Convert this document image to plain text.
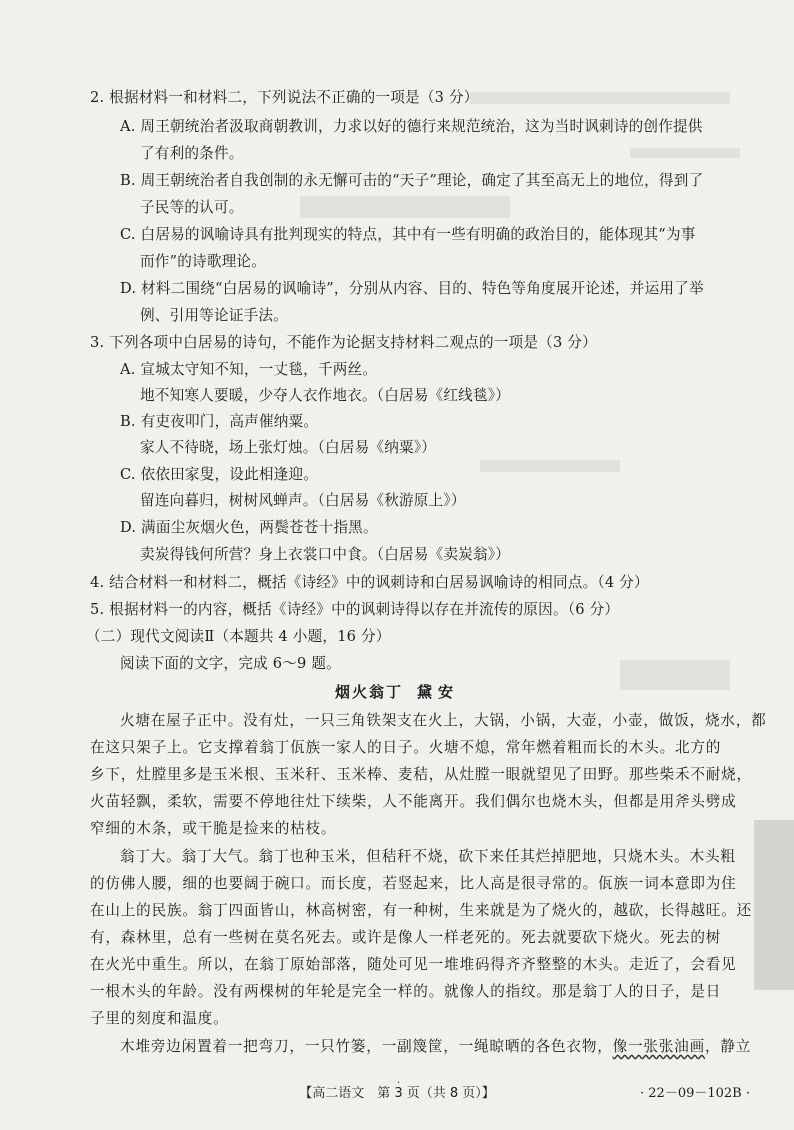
2. 根据材料一和材料二，下列说法不正确的一项是（3 分）
A. 周王朝统治者汲取商朝教训，力求以好的德行来规范统治，这为当时讽刺诗的创作提供
了有利的条件。
B. 周王朝统治者自我创制的永无懈可击的“天子”理论，确定了其至高无上的地位，得到了
子民等的认可。
C. 白居易的讽喻诗具有批判现实的特点，其中有一些有明确的政治目的，能体现其“为事
而作”的诗歌理论。
D. 材料二围绕“白居易的讽喻诗”，分别从内容、目的、特色等角度展开论述，并运用了举
例、引用等论证手法。
3. 下列各项中白居易的诗句，不能作为论据支持材料二观点的一项是（3 分）
A. 宣城太守知不知，一丈毯，千两丝。
地不知寒人要暖，少夺人衣作地衣。（白居易《红线毯》）
B. 有吏夜叩门，高声催纳粟。
家人不待晓，场上张灯烛。（白居易《纳粟》）
C. 依依田家叟，设此相逢迎。
留连向暮归，树树风蝉声。（白居易《秋游原上》）
D. 满面尘灰烟火色，两鬓苍苍十指黑。
卖炭得钱何所营？身上衣裳口中食。（白居易《卖炭翁》）
4. 结合材料一和材料二，概括《诗经》中的讽刺诗和白居易讽喻诗的相同点。（4 分）
5. 根据材料一的内容，概括《诗经》中的讽刺诗得以存在并流传的原因。（6 分）
（二）现代文阅读Ⅱ（本题共 4 小题，16 分）
阅读下面的文字，完成 6～9 题。
烟火翁丁 黛安
火塘在屋子正中。没有灶，一只三角铁架支在火上，大锅，小锅，大壶，小壶，做饭，烧水，都
在这只架子上。它支撑着翁丁佤族一家人的日子。火塘不熄，常年燃着粗而长的木头。北方的
乡下，灶膛里多是玉米根、玉米秆、玉米棒、麦秸，从灶膛一眼就望见了田野。那些柴禾不耐烧，
火苗轻飘，柔软，需要不停地往灶下续柴，人不能离开。我们偶尔也烧木头，但都是用斧头劈成
窄细的木条，或干脆是捡来的枯枝。
翁丁大。翁丁大气。翁丁也种玉米，但秸秆不烧，砍下来任其烂掉肥地，只烧木头。木头粗
的仿佛人腰，细的也要阔于碗口。而长度，若竖起来，比人高是很寻常的。佤族一词本意即为住
在山上的民族。翁丁四面皆山，林高树密，有一种树，生来就是为了烧火的，越砍，长得越旺。还
有，森林里，总有一些树在莫名死去。或许是像人一样老死的。死去就要砍下烧火。死去的树
在火光中重生。所以，在翁丁原始部落，随处可见一堆堆码得齐齐整整的木头。走近了，会看见
一根木头的年龄。没有两棵树的年轮是完全一样的。就像人的指纹。那是翁丁人的日子，是日
子里的刻度和温度。
木堆旁边闲置着一把弯刀，一只竹篓，一副篾筐，一绳晾晒的各色衣物，像一张张油画，静立
·
【高二语文　第 3 页（共 8 页）】	· 22－09－102B ·
